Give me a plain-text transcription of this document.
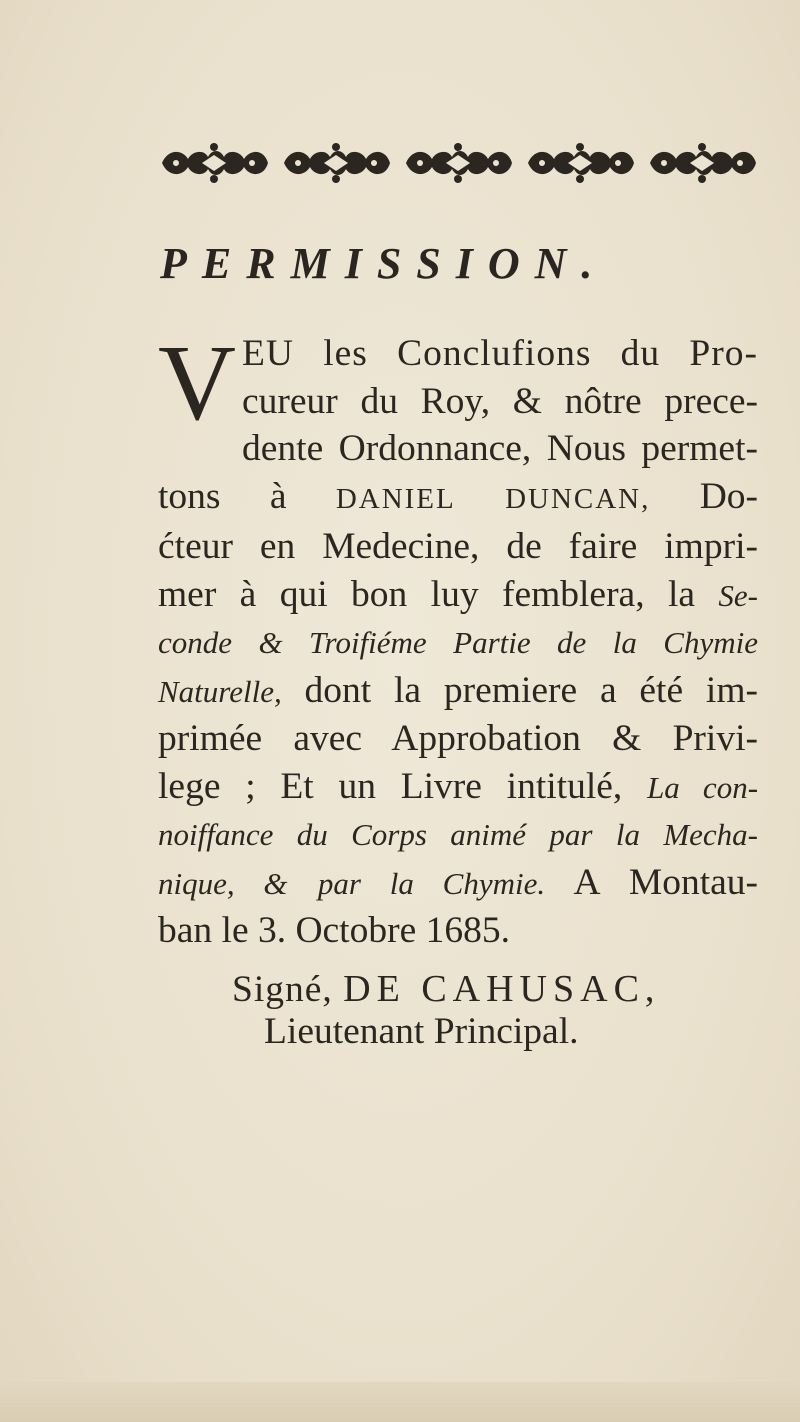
PERMISSION.
V EU les Conclufions du Pro-
cureur du Roy, & nôtre prece-
dente Ordonnance, Nous permet-
tons à DANIEL DUNCAN, Do-
ćteur en Medecine, de faire impri-
mer à qui bon luy femblera, la Se-
conde & Troifiéme Partie de la Chymie
Naturelle, dont la premiere a été im-
primée avec Approbation & Privi-
lege ; Et un Livre intitulé, La con-
noiffance du Corps animé par la Mecha-
nique, & par la Chymie. A Montau-
ban le 3. Octobre 1685.
Signé, DE CAHUSAC,
Lieutenant Principal.
